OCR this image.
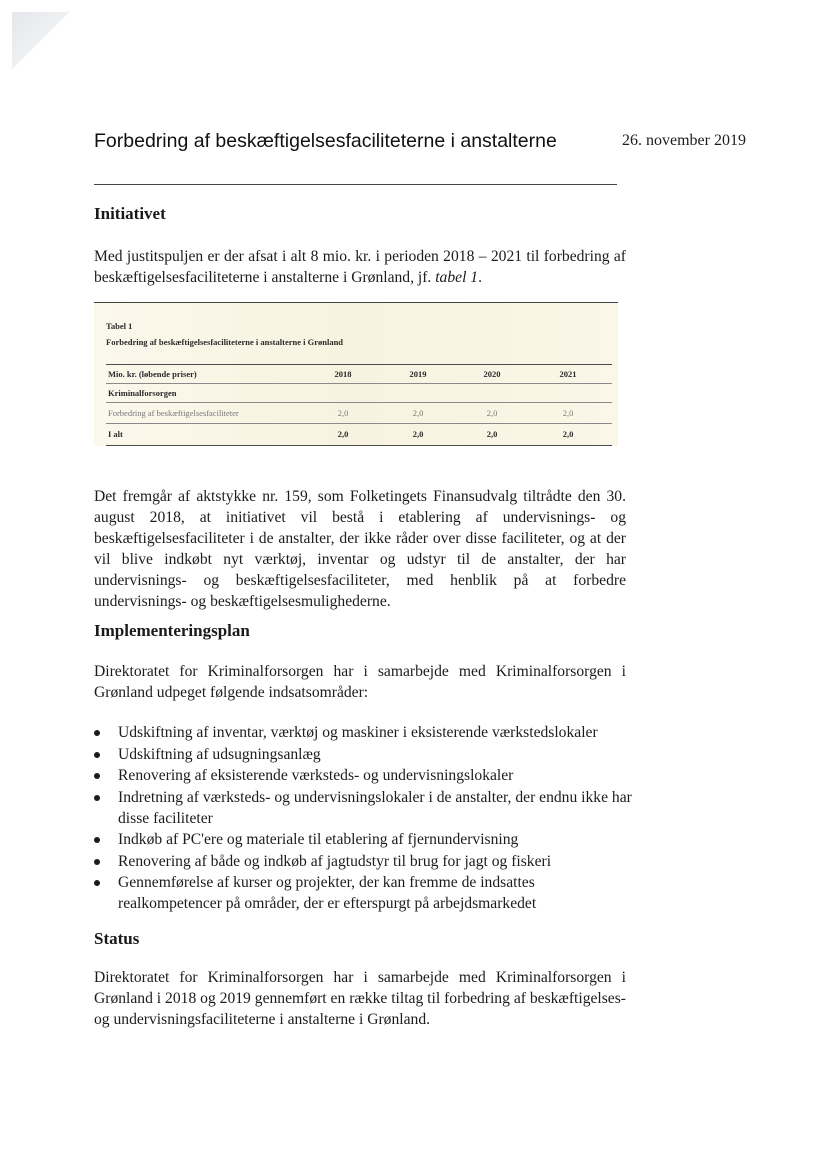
Forbedring af beskæftigelsesfaciliteterne i anstalterne	26. november 2019
Initiativet
Med justitspuljen er der afsat i alt 8 mio. kr. i perioden 2018 – 2021 til forbedring af beskæftigelsesfaciliteterne i anstalterne i Grønland, jf. tabel 1.
Tabel 1
Forbedring af beskæftigelsesfaciliteterne i anstalterne i Grønland
Mio. kr. (løbende priser)	2018	2019	2020	2021
Kriminalforsorgen
Forbedring af beskæftigelsesfaciliteter	2,0	2,0	2,0	2,0
I alt	2,0	2,0	2,0	2,0
Det fremgår af aktstykke nr. 159, som Folketingets Finansudvalg tiltrådte den 30. august 2018, at initiativet vil bestå i etablering af undervisnings- og beskæftigelsesfaciliteter i de anstalter, der ikke råder over disse faciliteter, og at der vil blive indkøbt nyt værktøj, inventar og udstyr til de anstalter, der har undervisnings- og beskæftigelsesfaciliteter, med henblik på at forbedre undervisnings- og beskæftigelsesmulighederne.
Implementeringsplan
Direktoratet for Kriminalforsorgen har i samarbejde med Kriminalforsorgen i Grønland udpeget følgende indsatsområder:
Udskiftning af inventar, værktøj og maskiner i eksisterende værkstedslokaler
Udskiftning af udsugningsanlæg
Renovering af eksisterende værksteds- og undervisningslokaler
Indretning af værksteds- og undervisningslokaler i de anstalter, der endnu ikke har disse faciliteter
Indkøb af PC'ere og materiale til etablering af fjernundervisning
Renovering af både og indkøb af jagtudstyr til brug for jagt og fiskeri
Gennemførelse af kurser og projekter, der kan fremme de indsattes realkompetencer på områder, der er efterspurgt på arbejdsmarkedet
Status
Direktoratet for Kriminalforsorgen har i samarbejde med Kriminalforsorgen i Grønland i 2018 og 2019 gennemført en række tiltag til forbedring af beskæftigelses- og undervisningsfaciliteterne i anstalterne i Grønland.
